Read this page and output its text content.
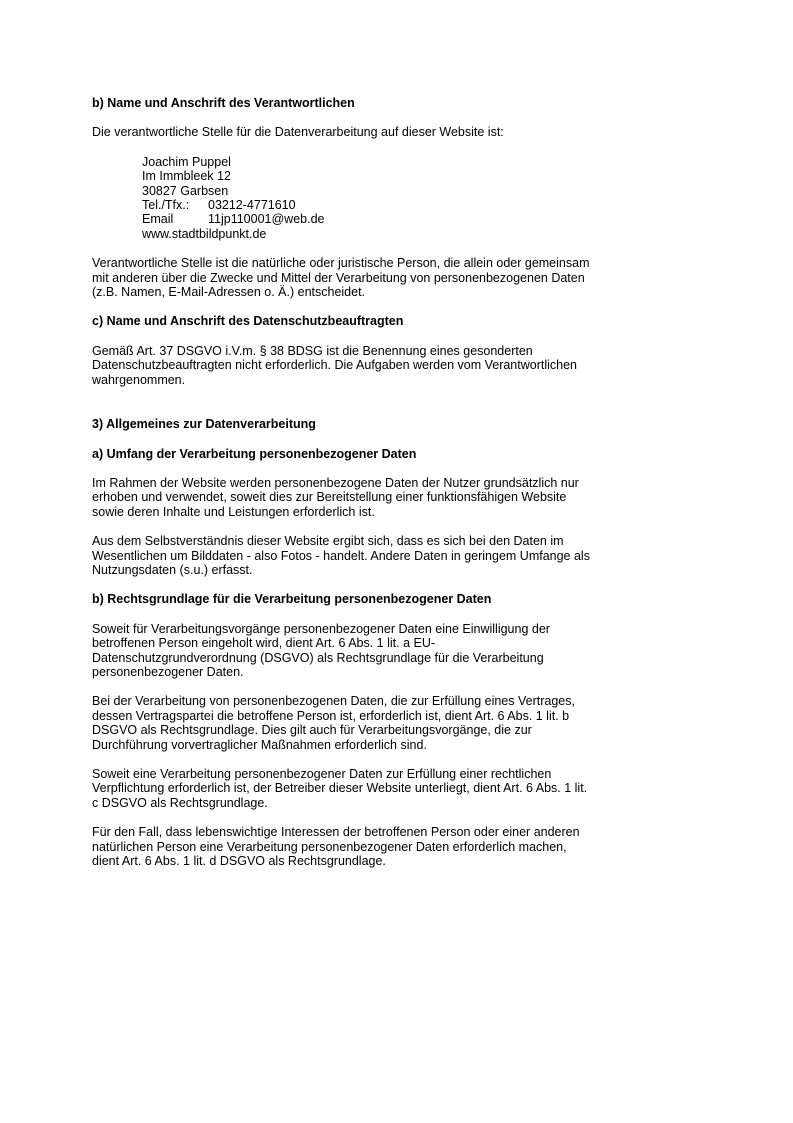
b) Name und Anschrift des Verantwortlichen

Die verantwortliche Stelle für die Datenverarbeitung auf dieser Website ist:

Joachim Puppel

Im Immbleek 12

30827 Garbsen

Tel./Tfx.:	03212-4771610
Email	11jp110001@web.de

www.stadtbildpunkt.de

Verantwortliche Stelle ist die natürliche oder juristische Person, die allein oder gemeinsam

mit anderen über die Zwecke und Mittel der Verarbeitung von personenbezogenen Daten

(z.B. Namen, E-Mail-Adressen o. Ä.) entscheidet.

c) Name und Anschrift des Datenschutzbeauftragten

Gemäß Art. 37 DSGVO i.V.m. § 38 BDSG ist die Benennung eines gesonderten

Datenschutzbeauftragten nicht erforderlich. Die Aufgaben werden vom Verantwortlichen

wahrgenommen.

3) Allgemeines zur Datenverarbeitung

a) Umfang der Verarbeitung personenbezogener Daten

Im Rahmen der Website werden personenbezogene Daten der Nutzer grundsätzlich nur

erhoben und verwendet, soweit dies zur Bereitstellung einer funktionsfähigen Website

sowie deren Inhalte und Leistungen erforderlich ist.

Aus dem Selbstverständnis dieser Website ergibt sich, dass es sich bei den Daten im

Wesentlichen um Bilddaten - also Fotos - handelt. Andere Daten in geringem Umfange als

Nutzungsdaten (s.u.) erfasst.

b) Rechtsgrundlage für die Verarbeitung personenbezogener Daten

Soweit für Verarbeitungsvorgänge personenbezogener Daten eine Einwilligung der

betroffenen Person eingeholt wird, dient Art. 6 Abs. 1 lit. a EU-

Datenschutzgrundverordnung (DSGVO) als Rechtsgrundlage für die Verarbeitung

personenbezogener Daten.

Bei der Verarbeitung von personenbezogenen Daten, die zur Erfüllung eines Vertrages,

dessen Vertragspartei die betroffene Person ist, erforderlich ist, dient Art. 6 Abs. 1 lit. b

DSGVO als Rechtsgrundlage. Dies gilt auch für Verarbeitungsvorgänge, die zur

Durchführung vorvertraglicher Maßnahmen erforderlich sind.

Soweit eine Verarbeitung personenbezogener Daten zur Erfüllung einer rechtlichen

Verpflichtung erforderlich ist, der Betreiber dieser Website unterliegt, dient Art. 6 Abs. 1 lit.

c DSGVO als Rechtsgrundlage.

Für den Fall, dass lebenswichtige Interessen der betroffenen Person oder einer anderen

natürlichen Person eine Verarbeitung personenbezogener Daten erforderlich machen,

dient Art. 6 Abs. 1 lit. d DSGVO als Rechtsgrundlage.
